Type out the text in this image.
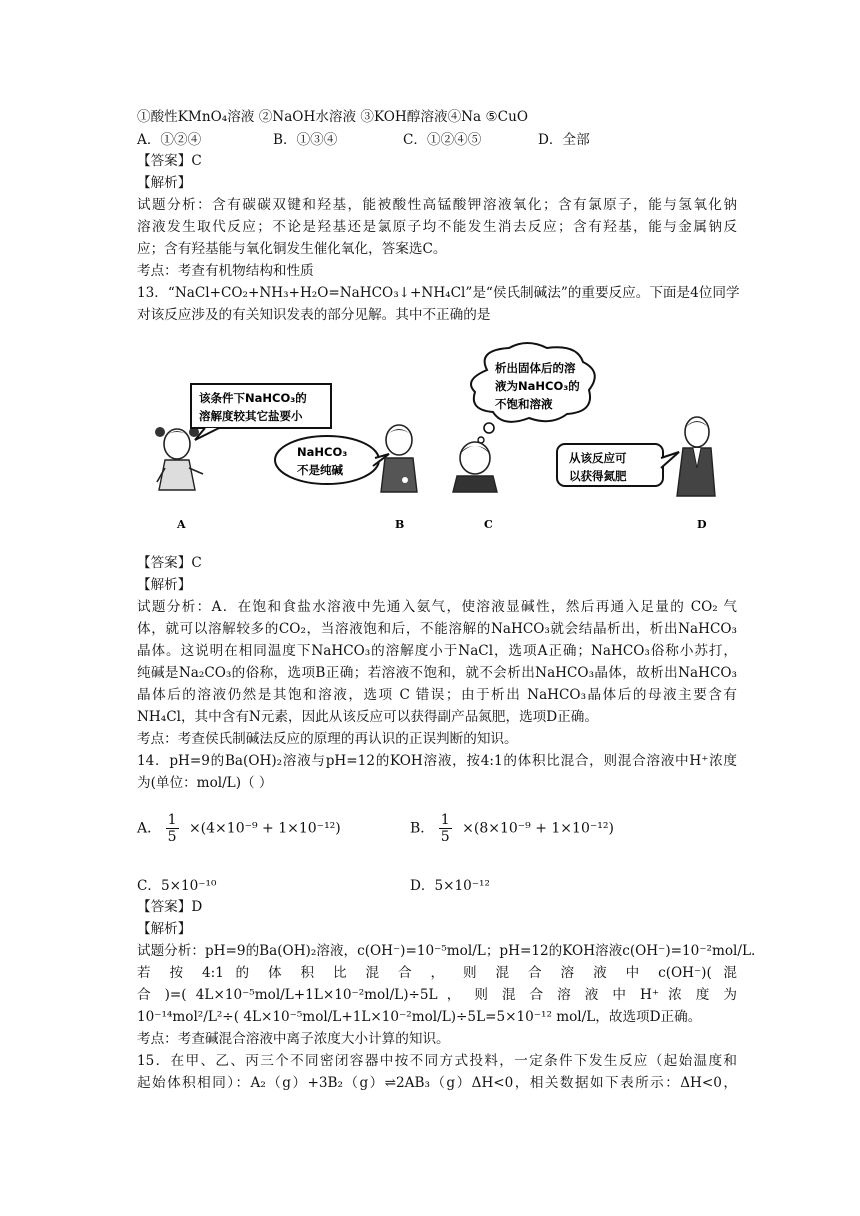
①酸性KMnO₄溶液 ②NaOH水溶液 ③KOH醇溶液④Na ⑤CuO
A．①②④	B．①③④	C．①②④⑤	D．全部
【答案】C
【解析】
试题分析：含有碳碳双键和羟基，能被酸性高锰酸钾溶液氧化；含有氯原子，能与氢氧化钠
溶液发生取代反应；不论是羟基还是氯原子均不能发生消去反应；含有羟基，能与金属钠反
应；含有羟基能与氧化铜发生催化氧化，答案选C。
考点：考查有机物结构和性质
13．“NaCl+CO₂+NH₃+H₂O=NaHCO₃↓+NH₄Cl”是“侯氏制碱法”的重要反应。下面是4位同学
对该反应涉及的有关知识发表的部分见解。其中不正确的是
该条件下NaHCO₃的
溶解度较其它盐要小
NaHCO₃
不是纯碱
析出固体后的溶
液为NaHCO₃的
不饱和溶液
从该反应可
以获得氮肥
A	B	C	D
【答案】C
【解析】
试题分析：A．在饱和食盐水溶液中先通入氨气，使溶液显碱性，然后再通入足量的 CO₂ 气
体，就可以溶解较多的CO₂，当溶液饱和后，不能溶解的NaHCO₃就会结晶析出，析出NaHCO₃
晶体。这说明在相同温度下NaHCO₃的溶解度小于NaCl，选项A正确；NaHCO₃俗称小苏打，
纯碱是Na₂CO₃的俗称，选项B正确；若溶液不饱和，就不会析出NaHCO₃晶体，故析出NaHCO₃
晶体后的溶液仍然是其饱和溶液，选项 C 错误；由于析出 NaHCO₃晶体后的母液主要含有
NH₄Cl，其中含有N元素，因此从该反应可以获得副产品氮肥，选项D正确。
考点：考查侯氏制碱法反应的原理的再认识的正误判断的知识。
14．pH=9的Ba(OH)₂溶液与pH=12的KOH溶液，按4:1的体积比混合，则混合溶液中H⁺浓度
为(单位：mol/L)（ ）
A． $\frac{1}{5} \times(4\times 10^{-9} + 1\times 10^{-12})$	B． $\frac{1}{5} \times(8\times 10^{-9} + 1\times 10^{-12})$
C．5×10⁻¹⁰	D．5×10⁻¹²
【答案】D
【解析】
试题分析：pH=9的Ba(OH)₂溶液，c(OH⁻)=10⁻⁵mol/L；pH=12的KOH溶液c(OH⁻)=10⁻²mol/L.
若 按 4:1 的 体 积 比 混 合 ， 则 混 合 溶 液 中 c(OH⁻)( 混
合 )=( 4L×10⁻⁵mol/L+1L×10⁻²mol/L)÷5L ， 则 混 合 溶 液 中 H⁺ 浓 度 为
10⁻¹⁴mol²/L²÷( 4L×10⁻⁵mol/L+1L×10⁻²mol/L)÷5L=5×10⁻¹² mol/L，故选项D正确。
考点：考查碱混合溶液中离子浓度大小计算的知识。
15．在甲、乙、丙三个不同密闭容器中按不同方式投料，一定条件下发生反应（起始温度和
起始体积相同）：A₂（g）+3B₂（g）⇌2AB₃（g）ΔH<0，相关数据如下表所示：ΔH<0，
